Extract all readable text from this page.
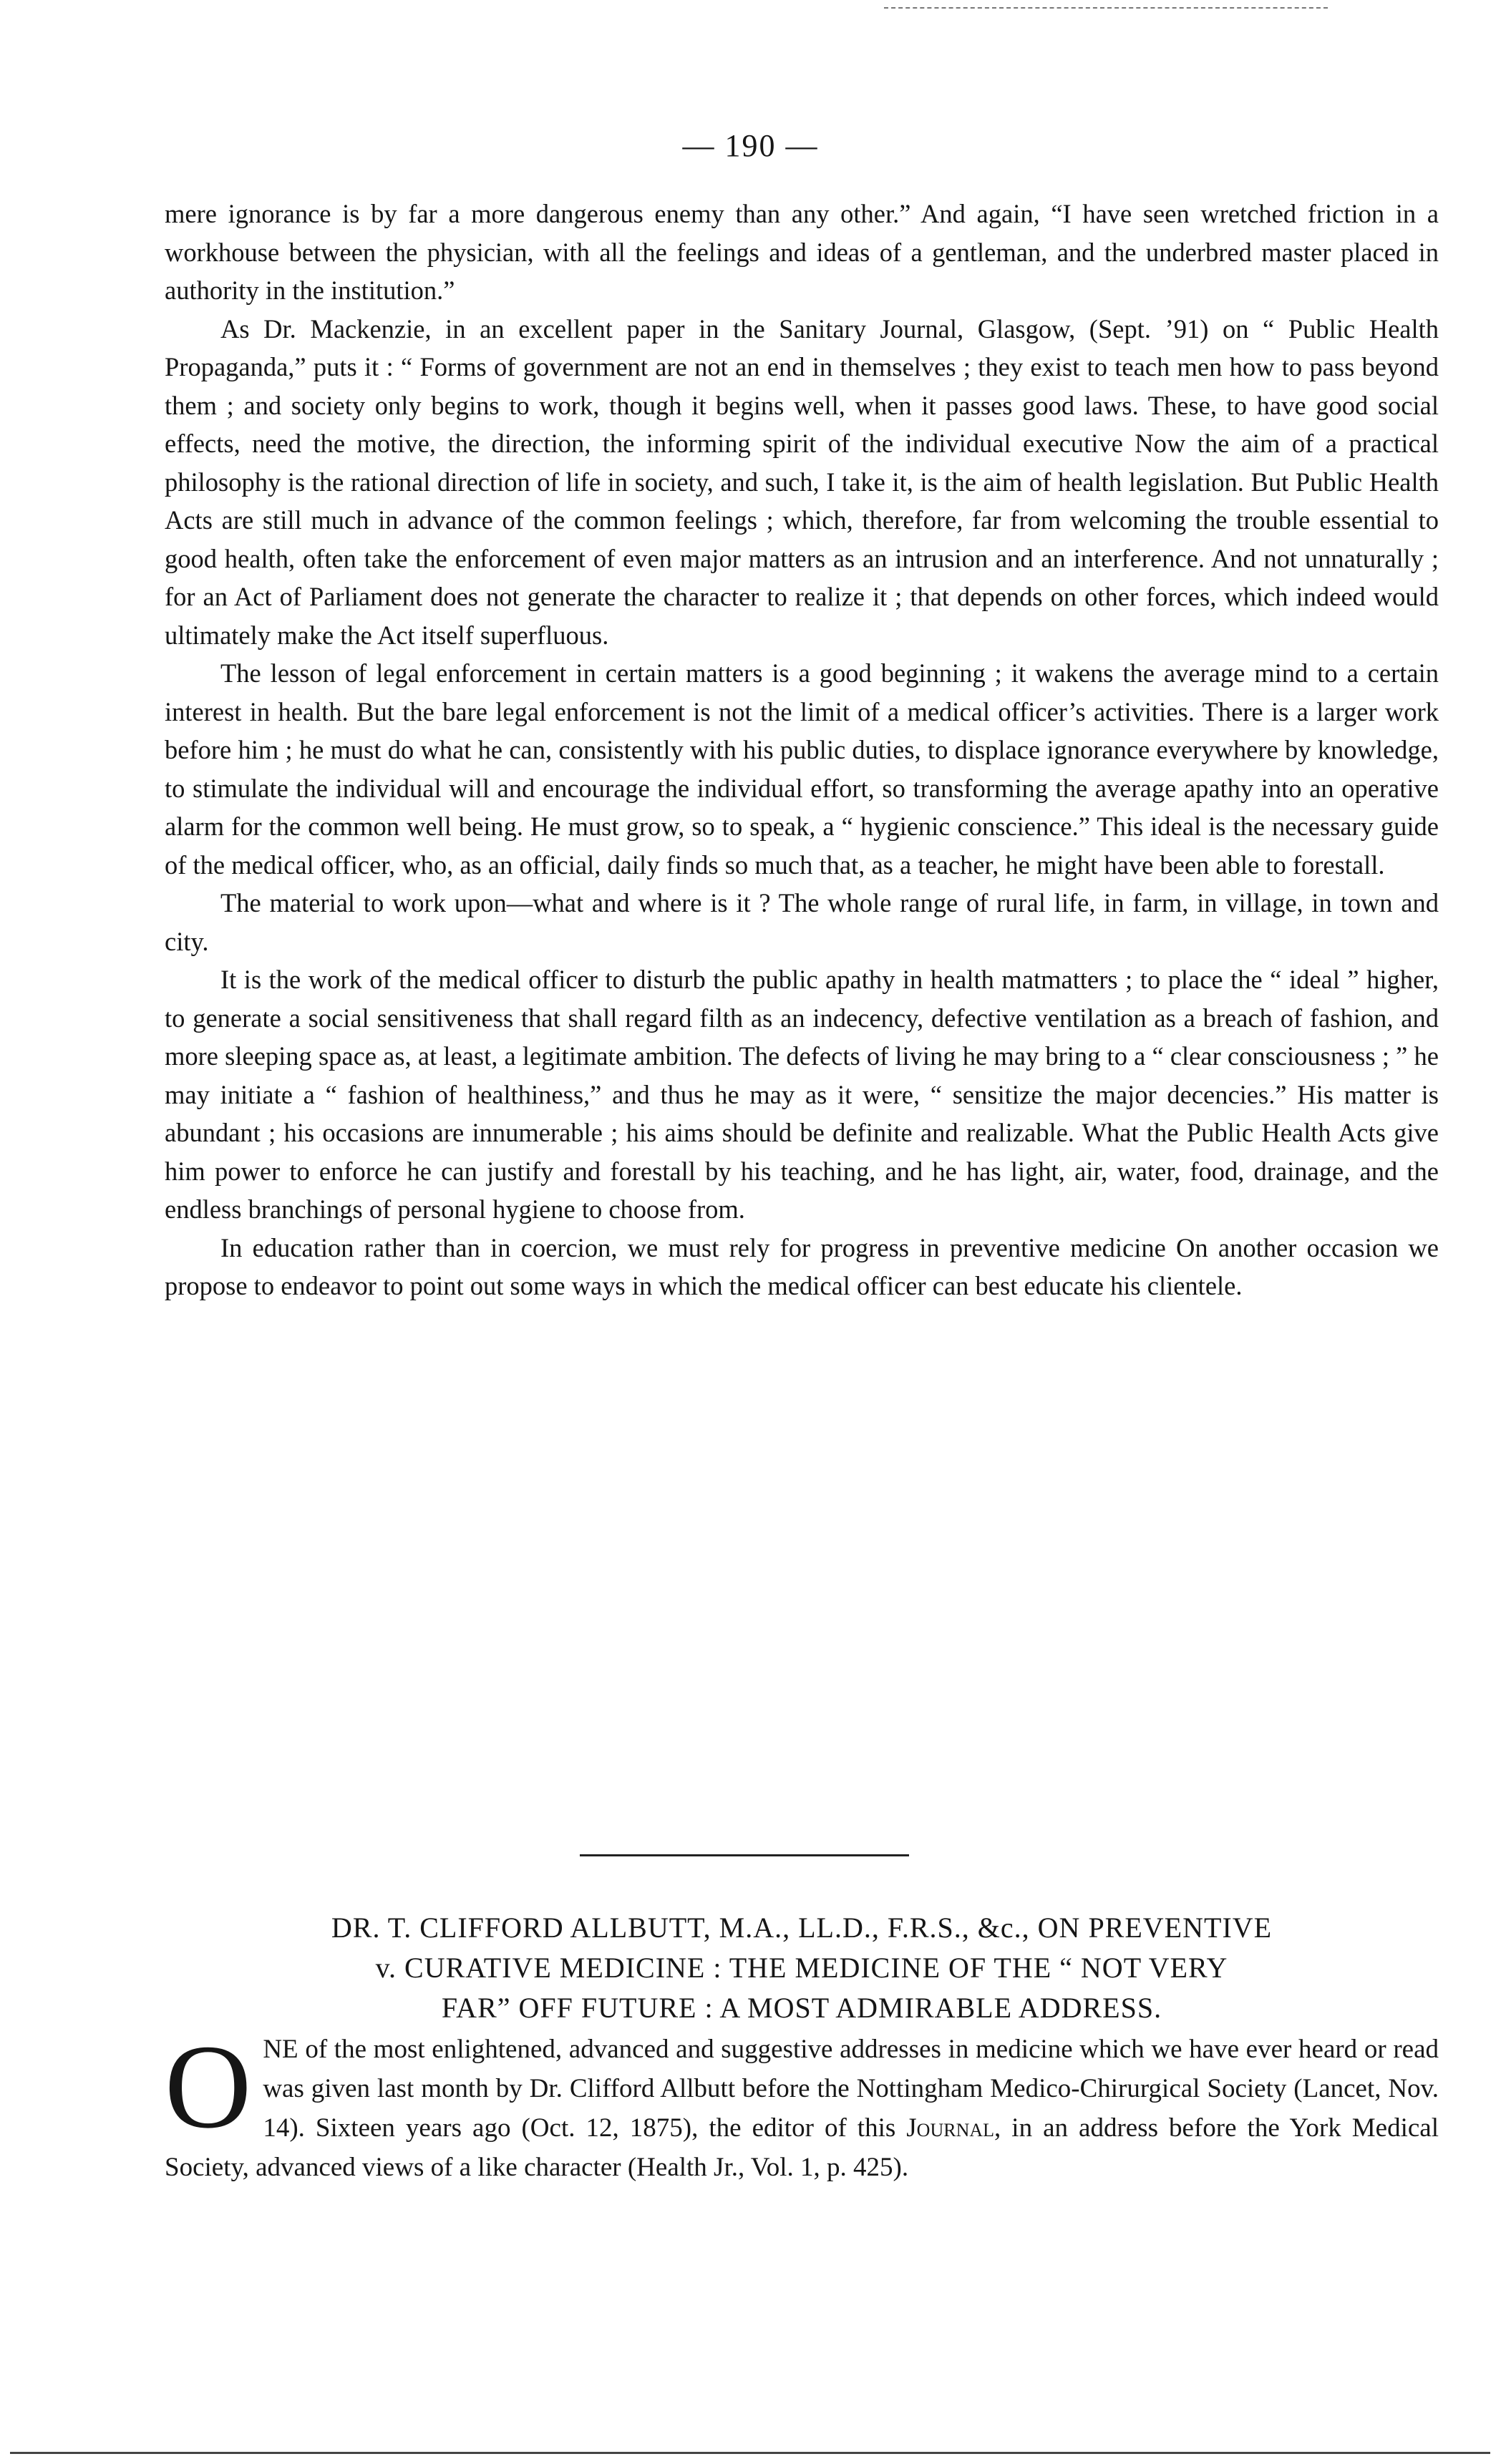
— 190 —

mere ignorance is by far a more dangerous enemy than any other.” And again, “I have seen wretched friction in a workhouse between the physician, with all the feelings and ideas of a gentleman, and the underbred master placed in authority in the institution.”

As Dr. Mackenzie, in an excellent paper in the Sanitary Journal, Glasgow, (Sept. ’91) on “ Public Health Propaganda,” puts it : “ Forms of government are not an end in themselves ; they exist to teach men how to pass beyond them ; and society only begins to work, though it begins well, when it passes good laws. These, to have good social effects, need the motive, the direction, the informing spirit of the individual executive Now the aim of a practical philosophy is the rational direction of life in society, and such, I take it, is the aim of health legislation. But Public Health Acts are still much in advance of the common feelings ; which, therefore, far from welcoming the trouble essential to good health, often take the enforcement of even major matters as an intrusion and an interference. And not unnaturally ; for an Act of Parliament does not generate the character to realize it ; that depends on other forces, which indeed would ultimately make the Act itself superfluous.

The lesson of legal enforcement in certain matters is a good beginning ; it wakens the average mind to a certain interest in health. But the bare legal enforcement is not the limit of a medical officer’s activities. There is a larger work before him ; he must do what he can, consistently with his public duties, to displace ignorance everywhere by knowledge, to stimulate the individual will and encourage the individual effort, so transforming the average apathy into an operative alarm for the common well being. He must grow, so to speak, a “ hygienic conscience.” This ideal is the necessary guide of the medical officer, who, as an official, daily finds so much that, as a teacher, he might have been able to forestall.

The material to work upon—what and where is it ? The whole range of rural life, in farm, in village, in town and city.

It is the work of the medical officer to disturb the public apathy in health matmatters ; to place the “ ideal ” higher, to generate a social sensitiveness that shall regard filth as an indecency, defective ventilation as a breach of fashion, and more sleeping space as, at least, a legitimate ambition. The defects of living he may bring to a “ clear consciousness ; ” he may initiate a “ fashion of healthiness,” and thus he may as it were, “ sensitize the major decencies.” His matter is abundant ; his occasions are innumerable ; his aims should be definite and realizable. What the Public Health Acts give him power to enforce he can justify and forestall by his teaching, and he has light, air, water, food, drainage, and the endless branchings of personal hygiene to choose from.

In education rather than in coercion, we must rely for progress in preventive medicine On another occasion we propose to endeavor to point out some ways in which the medical officer can best educate his clientele.

DR. T. CLIFFORD ALLBUTT, M.A., LL.D., F.R.S., &c., ON PREVENTIVE
v. CURATIVE MEDICINE : THE MEDICINE OF THE “ NOT VERY
FAR” OFF FUTURE : A MOST ADMIRABLE ADDRESS.
ONE of the most enlightened, advanced and suggestive addresses in medicine which we have ever heard or read was given last month by Dr. Clifford Allbutt before the Nottingham Medico-Chirurgical Society (Lancet, Nov. 14). Sixteen years ago (Oct. 12, 1875), the editor of this Journal, in an address before the York Medical Society, advanced views of a like character (Health Jr., Vol. 1, p. 425).
